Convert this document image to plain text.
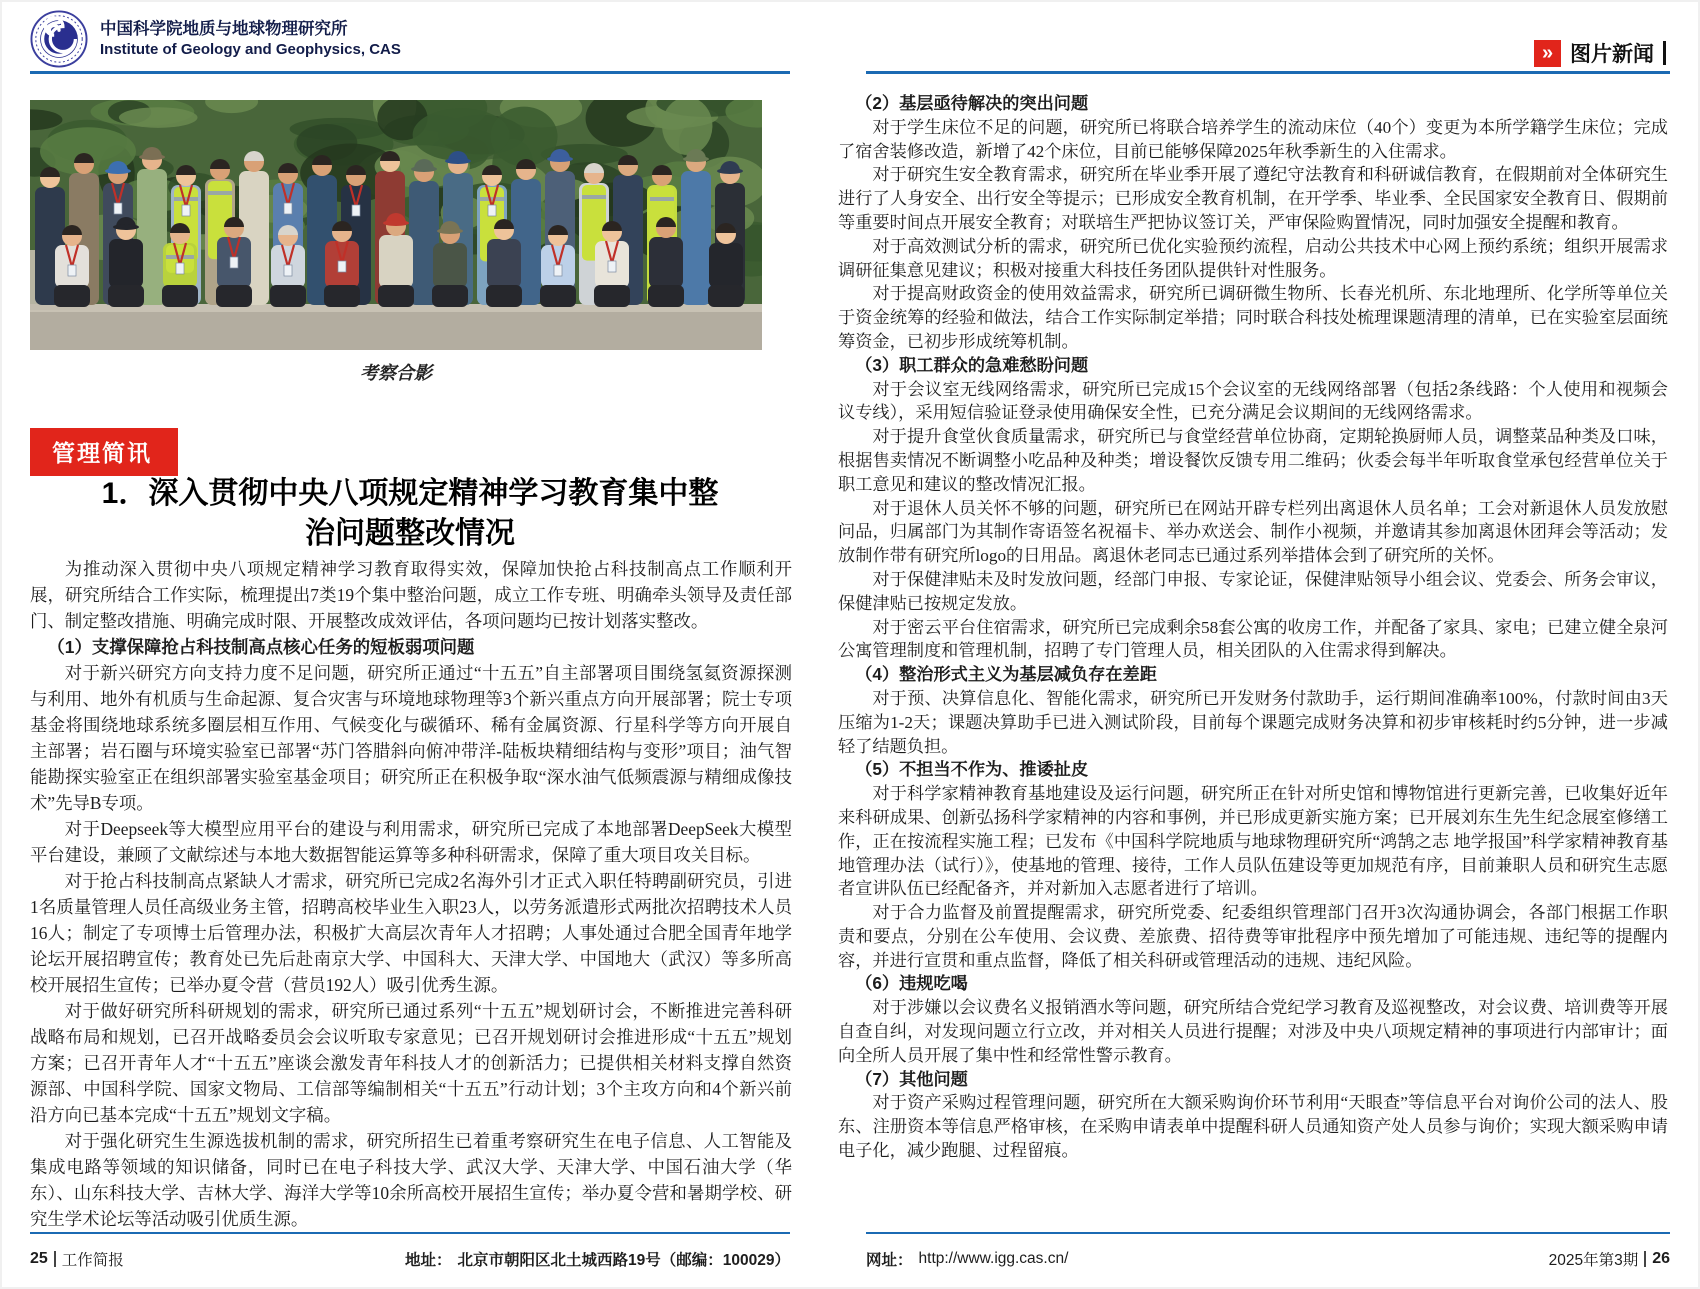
中国科学院地质与地球物理研究所
Institute of Geology and Geophysics, CAS	» 图片新闻
考察合影
管理简讯
1．深入贯彻中央八项规定精神学习教育集中整
治问题整改情况

为推动深入贯彻中央八项规定精神学习教育取得实效，保障加快抢占科技制高点工作顺利开展，研究所结合工作实际，梳理提出7类19个集中整治问题，成立工作专班、明确牵头领导及责任部门、制定整改措施、明确完成时限、开展整改成效评估，各项问题均已按计划落实整改。

（1）支撑保障抢占科技制高点核心任务的短板弱项问题

对于新兴研究方向支持力度不足问题，研究所正通过“十五五”自主部署项目围绕氢氦资源探测与利用、地外有机质与生命起源、复合灾害与环境地球物理等3个新兴重点方向开展部署；院士专项基金将围绕地球系统多圈层相互作用、气候变化与碳循环、稀有金属资源、行星科学等方向开展自主部署；岩石圈与环境实验室已部署“苏门答腊斜向俯冲带洋-陆板块精细结构与变形”项目；油气智能勘探实验室正在组织部署实验室基金项目；研究所正在积极争取“深水油气低频震源与精细成像技术”先导B专项。

对于Deepseek等大模型应用平台的建设与利用需求，研究所已完成了本地部署DeepSeek大模型平台建设，兼顾了文献综述与本地大数据智能运算等多种科研需求，保障了重大项目攻关目标。

对于抢占科技制高点紧缺人才需求，研究所已完成2名海外引才正式入职任特聘副研究员，引进1名质量管理人员任高级业务主管，招聘高校毕业生入职23人，以劳务派遣形式两批次招聘技术人员16人；制定了专项博士后管理办法，积极扩大高层次青年人才招聘；人事处通过合肥全国青年地学论坛开展招聘宣传；教育处已先后赴南京大学、中国科大、天津大学、中国地大（武汉）等多所高校开展招生宣传；已举办夏令营（营员192人）吸引优秀生源。

对于做好研究所科研规划的需求，研究所已通过系列“十五五”规划研讨会，不断推进完善科研战略布局和规划，已召开战略委员会会议听取专家意见；已召开规划研讨会推进形成“十五五”规划方案；已召开青年人才“十五五”座谈会激发青年科技人才的创新活力；已提供相关材料支撑自然资源部、中国科学院、国家文物局、工信部等编制相关“十五五”行动计划；3个主攻方向和4个新兴前沿方向已基本完成“十五五”规划文字稿。

对于强化研究生生源选拔机制的需求，研究所招生已着重考察研究生在电子信息、人工智能及集成电路等领域的知识储备，同时已在电子科技大学、武汉大学、天津大学、中国石油大学（华东）、山东科技大学、吉林大学、海洋大学等10余所高校开展招生宣传；举办夏令营和暑期学校、研究生学术论坛等活动吸引优质生源。

（2）基层亟待解决的突出问题

对于学生床位不足的问题，研究所已将联合培养学生的流动床位（40个）变更为本所学籍学生床位；完成了宿舍装修改造，新增了42个床位，目前已能够保障2025年秋季新生的入住需求。

对于研究生安全教育需求，研究所在毕业季开展了遵纪守法教育和科研诚信教育，在假期前对全体研究生进行了人身安全、出行安全等提示；已形成安全教育机制，在开学季、毕业季、全民国家安全教育日、假期前等重要时间点开展安全教育；对联培生严把协议签订关，严审保险购置情况，同时加强安全提醒和教育。

对于高效测试分析的需求，研究所已优化实验预约流程，启动公共技术中心网上预约系统；组织开展需求调研征集意见建议；积极对接重大科技任务团队提供针对性服务。

对于提高财政资金的使用效益需求，研究所已调研微生物所、长春光机所、东北地理所、化学所等单位关于资金统筹的经验和做法，结合工作实际制定举措；同时联合科技处梳理课题清理的清单，已在实验室层面统筹资金，已初步形成统筹机制。

（3）职工群众的急难愁盼问题

对于会议室无线网络需求，研究所已完成15个会议室的无线网络部署（包括2条线路：个人使用和视频会议专线），采用短信验证登录使用确保安全性，已充分满足会议期间的无线网络需求。

对于提升食堂伙食质量需求，研究所已与食堂经营单位协商，定期轮换厨师人员，调整菜品种类及口味，根据售卖情况不断调整小吃品种及种类；增设餐饮反馈专用二维码；伙委会每半年听取食堂承包经营单位关于职工意见和建议的整改情况汇报。

对于退休人员关怀不够的问题，研究所已在网站开辟专栏列出离退休人员名单；工会对新退休人员发放慰问品，归属部门为其制作寄语签名祝福卡、举办欢送会、制作小视频，并邀请其参加离退休团拜会等活动；发放制作带有研究所logo的日用品。离退休老同志已通过系列举措体会到了研究所的关怀。

对于保健津贴未及时发放问题，经部门申报、专家论证，保健津贴领导小组会议、党委会、所务会审议，保健津贴已按规定发放。

对于密云平台住宿需求，研究所已完成剩余58套公寓的收房工作，并配备了家具、家电；已建立健全泉河公寓管理制度和管理机制，招聘了专门管理人员，相关团队的入住需求得到解决。

（4）整治形式主义为基层减负存在差距

对于预、决算信息化、智能化需求，研究所已开发财务付款助手，运行期间准确率100%，付款时间由3天压缩为1-2天；课题决算助手已进入测试阶段，目前每个课题完成财务决算和初步审核耗时约5分钟，进一步减轻了结题负担。

（5）不担当不作为、推诿扯皮

对于科学家精神教育基地建设及运行问题，研究所正在针对所史馆和博物馆进行更新完善，已收集好近年来科研成果、创新弘扬科学家精神的内容和事例，并已形成更新实施方案；已开展刘东生先生纪念展室修缮工作，正在按流程实施工程；已发布《中国科学院地质与地球物理研究所“鸿鹄之志 地学报国”科学家精神教育基地管理办法（试行）》，使基地的管理、接待，工作人员队伍建设等更加规范有序，目前兼职人员和研究生志愿者宣讲队伍已经配备齐，并对新加入志愿者进行了培训。

对于合力监督及前置提醒需求，研究所党委、纪委组织管理部门召开3次沟通协调会，各部门根据工作职责和要点，分别在公车使用、会议费、差旅费、招待费等审批程序中预先增加了可能违规、违纪等的提醒内容，并进行宣贯和重点监督，降低了相关科研或管理活动的违规、违纪风险。

（6）违规吃喝

对于涉嫌以会议费名义报销酒水等问题，研究所结合党纪学习教育及巡视整改，对会议费、培训费等开展自查自纠，对发现问题立行立改，并对相关人员进行提醒；对涉及中央八项规定精神的事项进行内部审计；面向全所人员开展了集中性和经常性警示教育。

（7）其他问题

对于资产采购过程管理问题，研究所在大额采购询价环节利用“天眼查”等信息平台对询价公司的法人、股东、注册资本等信息严格审核，在采购申请表单中提醒科研人员通知资产处人员参与询价；实现大额采购申请电子化，减少跑腿、过程留痕。

25 工作简报	地址： 北京市朝阳区北土城西路19号（邮编：100029）	网址： http://www.igg.cas.cn/	2025年第3期 26
